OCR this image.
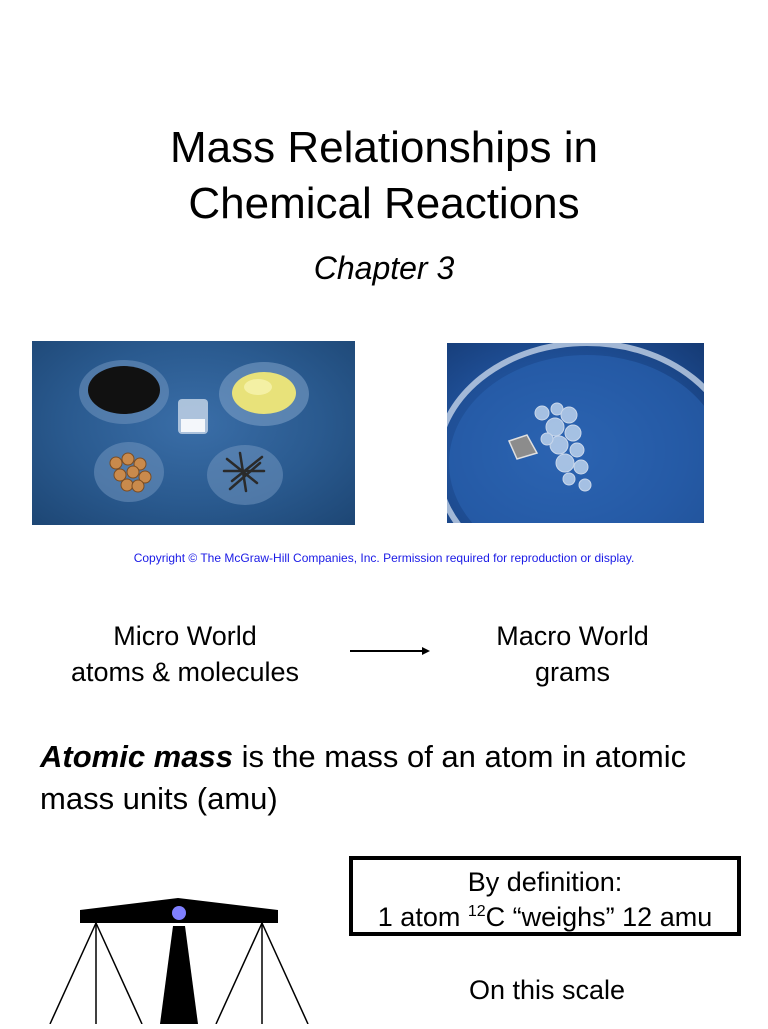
Mass Relationships in
Chemical Reactions
Chapter 3
Copyright © The McGraw-Hill Companies, Inc. Permission required for reproduction or display.
Micro World
atoms & molecules
Macro World
grams
Atomic mass is the mass of an atom in atomic mass units (amu)
By definition:
1 atom $^{12}$C “weighs” 12 amu
On this scale
